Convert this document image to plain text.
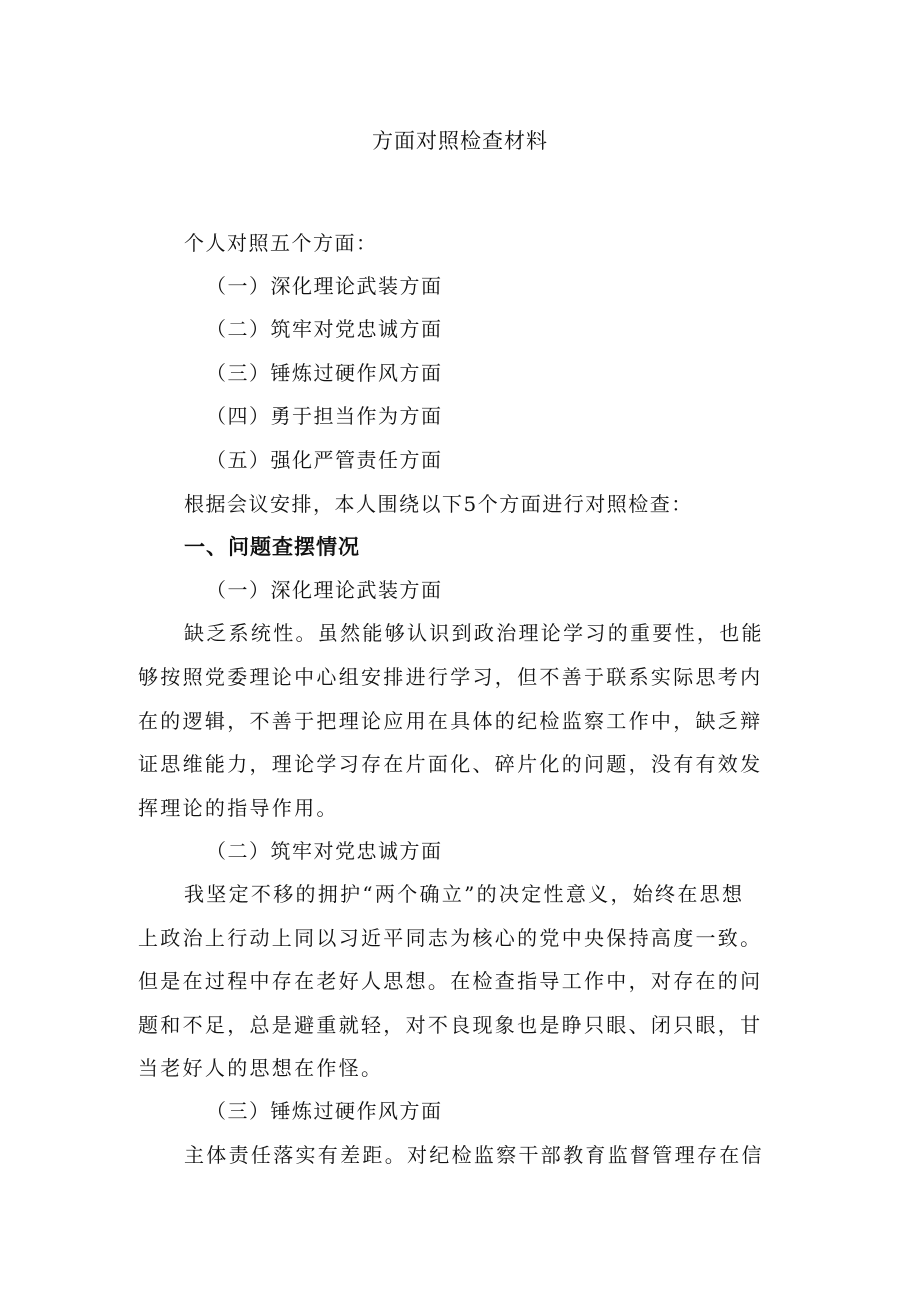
方面对照检查材料

个人对照五个方面：

（一）深化理论武装方面

（二）筑牢对党忠诚方面

（三）锤炼过硬作风方面

（四）勇于担当作为方面

（五）强化严管责任方面

根据会议安排，本人围绕以下5个方面进行对照检查：

一、问题查摆情况

（一）深化理论武装方面

缺乏系统性。虽然能够认识到政治理论学习的重要性，也能

够按照党委理论中心组安排进行学习，但不善于联系实际思考内

在的逻辑，不善于把理论应用在具体的纪检监察工作中，缺乏辩

证思维能力，理论学习存在片面化、碎片化的问题，没有有效发

挥理论的指导作用。

（二）筑牢对党忠诚方面

我坚定不移的拥护“两个确立”的决定性意义，始终在思想

上政治上行动上同以习近平同志为核心的党中央保持高度一致。

但是在过程中存在老好人思想。在检查指导工作中，对存在的问

题和不足，总是避重就轻，对不良现象也是睁只眼、闭只眼，甘

当老好人的思想在作怪。

（三）锤炼过硬作风方面

主体责任落实有差距。对纪检监察干部教育监督管理存在信
